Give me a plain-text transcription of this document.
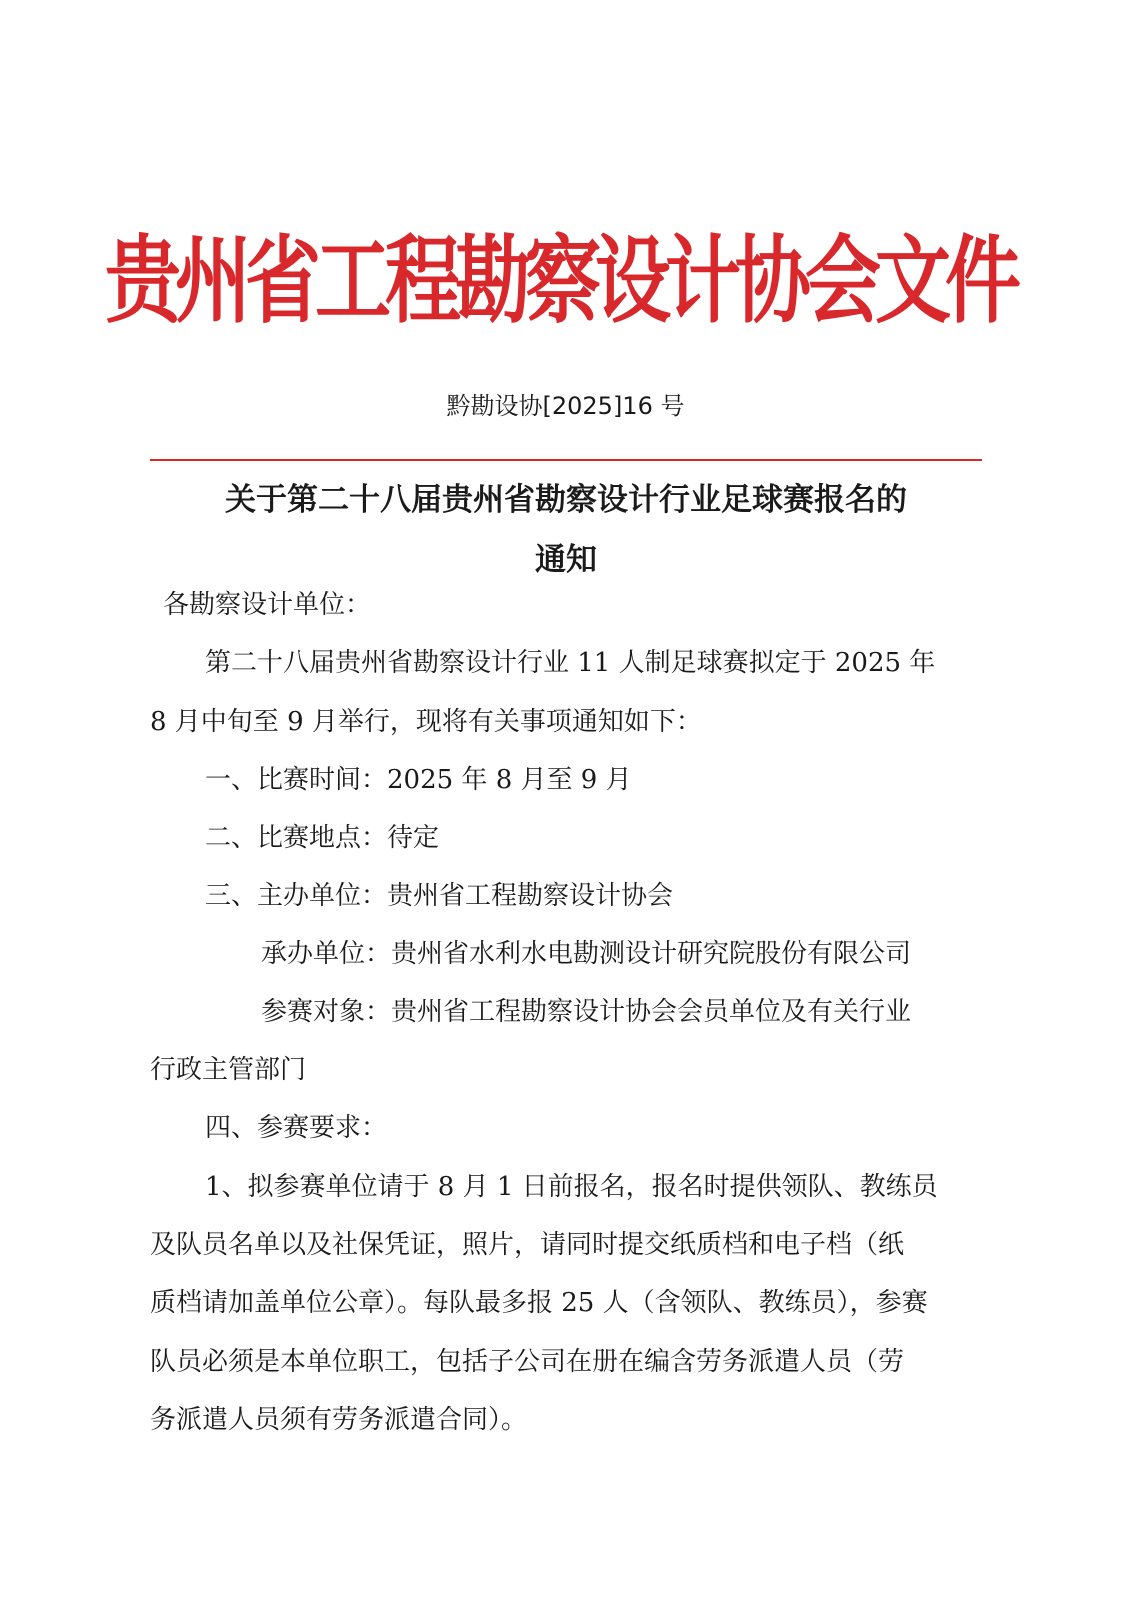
贵州省工程勘察设计协会文件
黔勘设协[2025]16 号
关于第二十八届贵州省勘察设计行业足球赛报名的
通知
各勘察设计单位：
第二十八届贵州省勘察设计行业 11 人制足球赛拟定于 2025 年
8 月中旬至 9 月举行，现将有关事项通知如下：
一、比赛时间：2025 年 8 月至 9 月
二、比赛地点：待定
三、主办单位：贵州省工程勘察设计协会
承办单位：贵州省水利水电勘测设计研究院股份有限公司
参赛对象：贵州省工程勘察设计协会会员单位及有关行业
行政主管部门
四、参赛要求：
1、拟参赛单位请于 8 月 1 日前报名，报名时提供领队、教练员
及队员名单以及社保凭证，照片，请同时提交纸质档和电子档（纸
质档请加盖单位公章）。每队最多报 25 人（含领队、教练员），参赛
队员必须是本单位职工，包括子公司在册在编含劳务派遣人员（劳
务派遣人员须有劳务派遣合同）。
